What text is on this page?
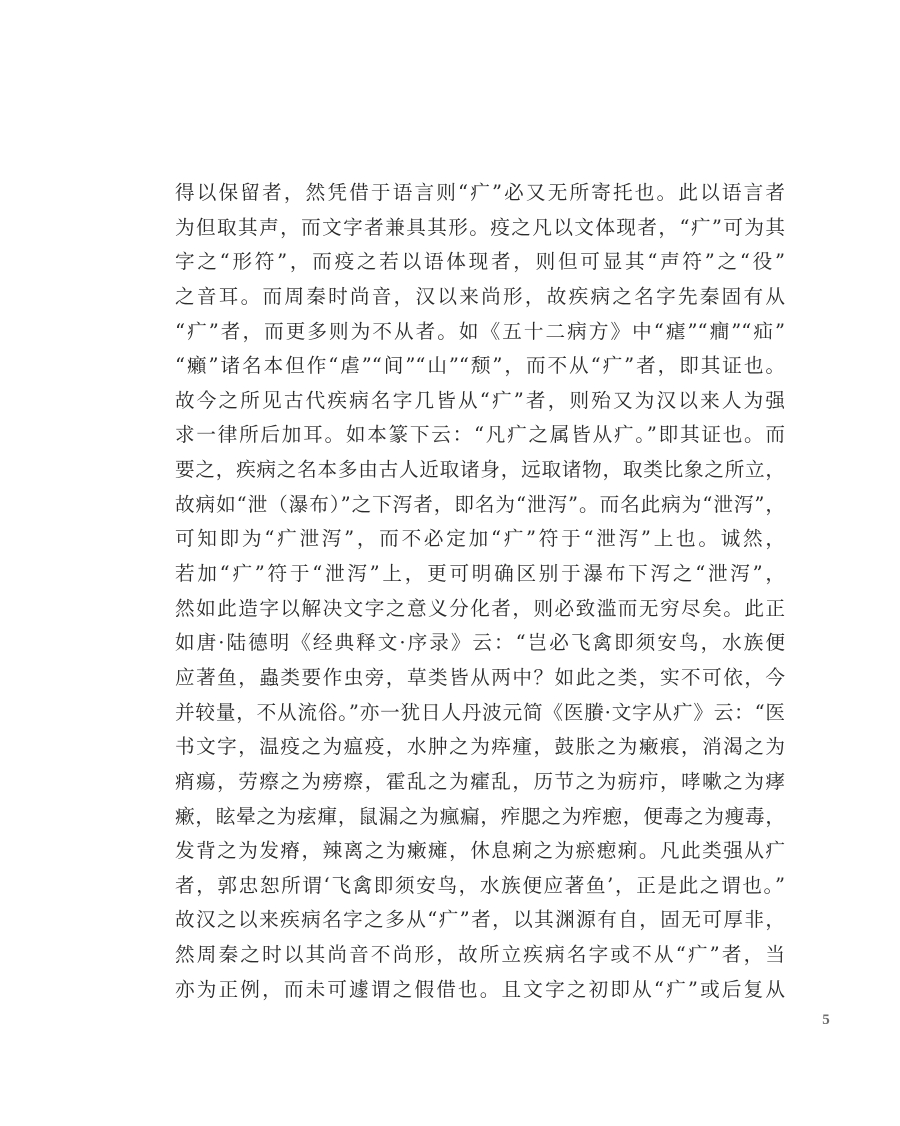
得以保留者，然凭借于语言则“疒”必又无所寄托也。此以语言者
为但取其声，而文字者兼具其形。疫之凡以文体现者，“疒”可为其
字之“形符”，而疫之若以语体现者，则但可显其“声符”之“役”
之音耳。而周秦时尚音，汉以来尚形，故疾病之名字先秦固有从
“疒”者，而更多则为不从者。如《五十二病方》中“瘧”“癎”“疝”
“癩”诸名本但作“虐”“间”“山”“颓”，而不从“疒”者，即其证也。
故今之所见古代疾病名字几皆从“疒”者，则殆又为汉以来人为强
求一律所后加耳。如本篆下云：“凡疒之属皆从疒。”即其证也。而
要之，疾病之名本多由古人近取诸身，远取诸物，取类比象之所立，
故病如“泄（瀑布）”之下泻者，即名为“泄泻”。而名此病为“泄泻”，
可知即为“疒泄泻”，而不必定加“疒”符于“泄泻”上也。诚然，
若加“疒”符于“泄泻”上，更可明确区别于瀑布下泻之“泄泻”，
然如此造字以解决文字之意义分化者，则必致滥而无穷尽矣。此正
如唐·陆德明《经典释文·序录》云：“岂必飞禽即须安鸟，水族便
应著鱼，蟲类要作虫旁，草类皆从两中？如此之类，实不可依，今
并较量，不从流俗。”亦一犹日人丹波元简《医賸·文字从疒》云：“医
书文字，温疫之为瘟疫，水肿之为疩瘇，鼓胀之为瘷痮，消渴之为
痟瘍，劳瘵之为痨瘵，霍乱之为癨乱，历节之为疬疖，哮嗽之为痚
瘶，眩晕之为痃瘒，鼠漏之为瘋瘺，痄腮之为痄瘛，便毒之为瘦毒，
发背之为发瘠，辣离之为瘷瘫，休息痢之为瘀瘛痢。凡此类强从疒
者，郭忠恕所谓‘飞禽即须安鸟，水族便应著鱼’，正是此之谓也。”
故汉之以来疾病名字之多从“疒”者，以其渊源有自，固无可厚非，
然周秦之时以其尚音不尚形，故所立疾病名字或不从“疒”者，当
亦为正例，而未可遽谓之假借也。且文字之初即从“疒”或后复从
5
